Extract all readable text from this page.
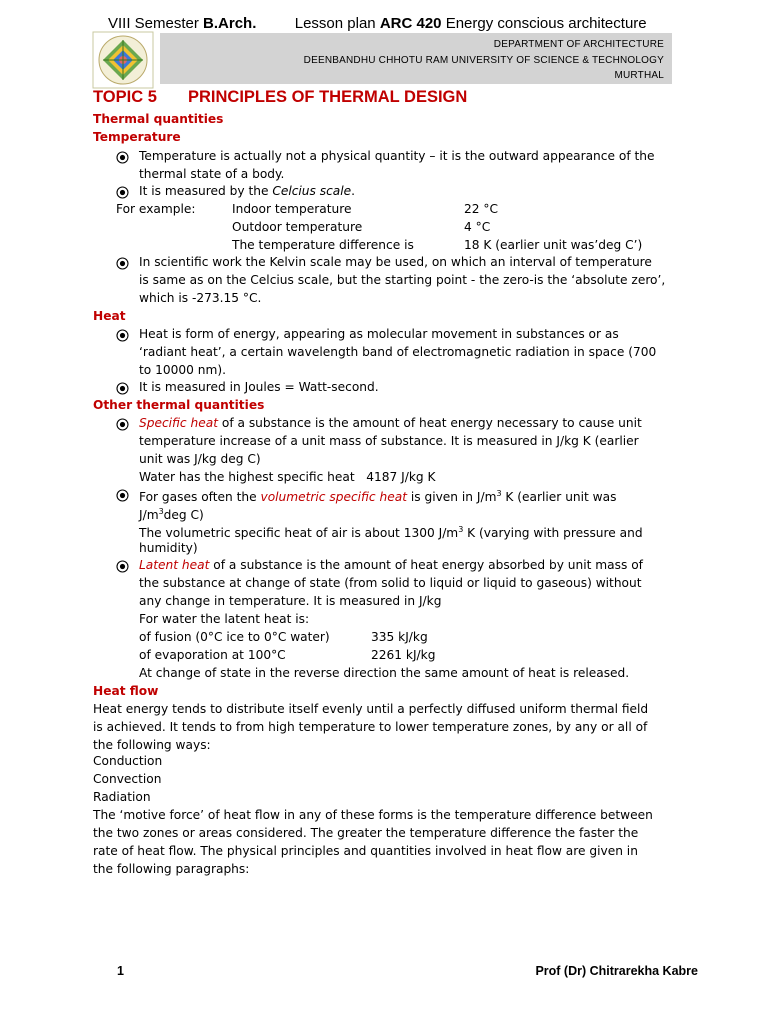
VIII Semester B.Arch.	Lesson plan ARC 420 Energy conscious architecture
DEPARTMENT OF ARCHITECTURE
DEENBANDHU CHHOTU RAM UNIVERSITY OF SCIENCE & TECHNOLOGY
MURTHAL
TOPIC 5 PRINCIPLES OF THERMAL DESIGN
Thermal quantities
Temperature
Temperature is actually not a physical quantity – it is the outward appearance of the
thermal state of a body.
It is measured by the Celcius scale.
For example:	Indoor temperature	22 °C
Outdoor temperature	4 °C
The temperature difference is	18 K (earlier unit was’deg C’)
In scientific work the Kelvin scale may be used, on which an interval of temperature
is same as on the Celcius scale, but the starting point - the zero-is the ‘absolute zero’,
which is -273.15 °C.
Heat
Heat is form of energy, appearing as molecular movement in substances or as
‘radiant heat’, a certain wavelength band of electromagnetic radiation in space (700
to 10000 nm).
It is measured in Joules = Watt-second.
Other thermal quantities
Specific heat of a substance is the amount of heat energy necessary to cause unit
temperature increase of a unit mass of substance. It is measured in J/kg K (earlier
unit was J/kg deg C)
Water has the highest specific heat 4187 J/kg K
For gases often the volumetric specific heat is given in $J/m^3$ K (earlier unit was
$J/m^3deg$ C)
The volumetric specific heat of air is about 1300 $J/m^3$ K (varying with pressure and
humidity)
Latent heat of a substance is the amount of heat energy absorbed by unit mass of
the substance at change of state (from solid to liquid or liquid to gaseous) without
any change in temperature. It is measured in J/kg
For water the latent heat is:
of fusion (0°C ice to 0°C water)	335 kJ/kg
of evaporation at 100°C	2261 kJ/kg
At change of state in the reverse direction the same amount of heat is released.
Heat flow
Heat energy tends to distribute itself evenly until a perfectly diffused uniform thermal field
is achieved. It tends to from high temperature to lower temperature zones, by any or all of
the following ways:
Conduction
Convection
Radiation
The ‘motive force’ of heat flow in any of these forms is the temperature difference between
the two zones or areas considered. The greater the temperature difference the faster the
rate of heat flow. The physical principles and quantities involved in heat flow are given in
the following paragraphs:
1	Prof (Dr) Chitrarekha Kabre
